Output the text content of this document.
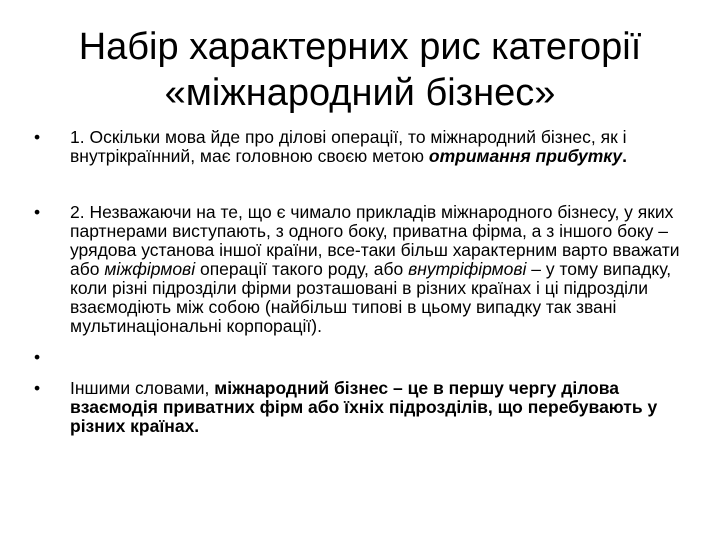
Набір характерних рис категорії
«міжнародний бізнес»
• 1. Оскільки мова йде про ділові операції, то міжнародний бізнес, як і внутрікраїнний, має головною своєю метою отримання прибутку.
• 2. Незважаючи на те, що є чимало прикладів міжнародного бізнесу, у яких партнерами виступають, з одного боку, приватна фірма, а з іншого боку – урядова установа іншої країни, все-таки більш характерним варто вважати або міжфірмові операції такого роду, або внутріфірмові – у тому випадку, коли різні підрозділи фірми розташовані в різних країнах і ці підрозділи взаємодіють між собою (найбільш типові в цьому випадку так звані мультинаціональні корпорації).
•
• Іншими словами, міжнародний бізнес – це в першу чергу ділова взаємодія приватних фірм або їхніх підрозділів, що перебувають у різних країнах.
